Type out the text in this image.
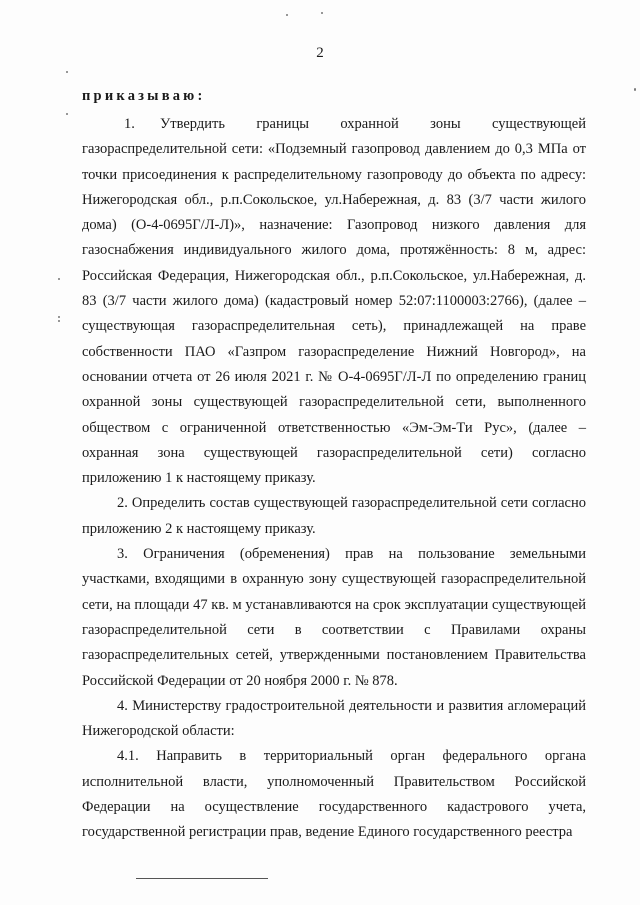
2
приказываю:

1. Утвердить границы охранной зоны существующей газораспределительной сети: «Подземный газопровод давлением до 0,3 МПа от точки присоединения к распределительному газопроводу до объекта по адресу: Нижегородская обл., р.п.Сокольское, ул.Набережная, д. 83 (3/7 части жилого дома) (О-4-0695Г/Л-Л)», назначение: Газопровод низкого давления для газоснабжения индивидуального жилого дома, протяжённость: 8 м, адрес: Российская Федерация, Нижегородская обл., р.п.Сокольское, ул.Набережная, д. 83 (3/7 части жилого дома) (кадастровый номер 52:07:1100003:2766), (далее – существующая газораспределительная сеть), принадлежащей на праве собственности ПАО «Газпром газораспределение Нижний Новгород», на основании отчета от 26 июля 2021 г. № О-4-0695Г/Л-Л по определению границ охранной зоны существующей газораспределительной сети, выполненного обществом с ограниченной ответственностью «Эм-Эм-Ти Рус», (далее – охранная зона существующей газораспределительной сети) согласно приложению 1 к настоящему приказу.

2. Определить состав существующей газораспределительной сети согласно приложению 2 к настоящему приказу.

3. Ограничения (обременения) прав на пользование земельными участками, входящими в охранную зону существующей газораспределительной сети, на площади 47 кв. м устанавливаются на срок эксплуатации существующей газораспределительной сети в соответствии с Правилами охраны газораспределительных сетей, утвержденными постановлением Правительства Российской Федерации от 20 ноября 2000 г. № 878.

4. Министерству градостроительной деятельности и развития агломераций Нижегородской области:

4.1. Направить в территориальный орган федерального органа исполнительной власти, уполномоченный Правительством Российской Федерации на осуществление государственного кадастрового учета, государственной регистрации прав, ведение Единого государственного реестра
